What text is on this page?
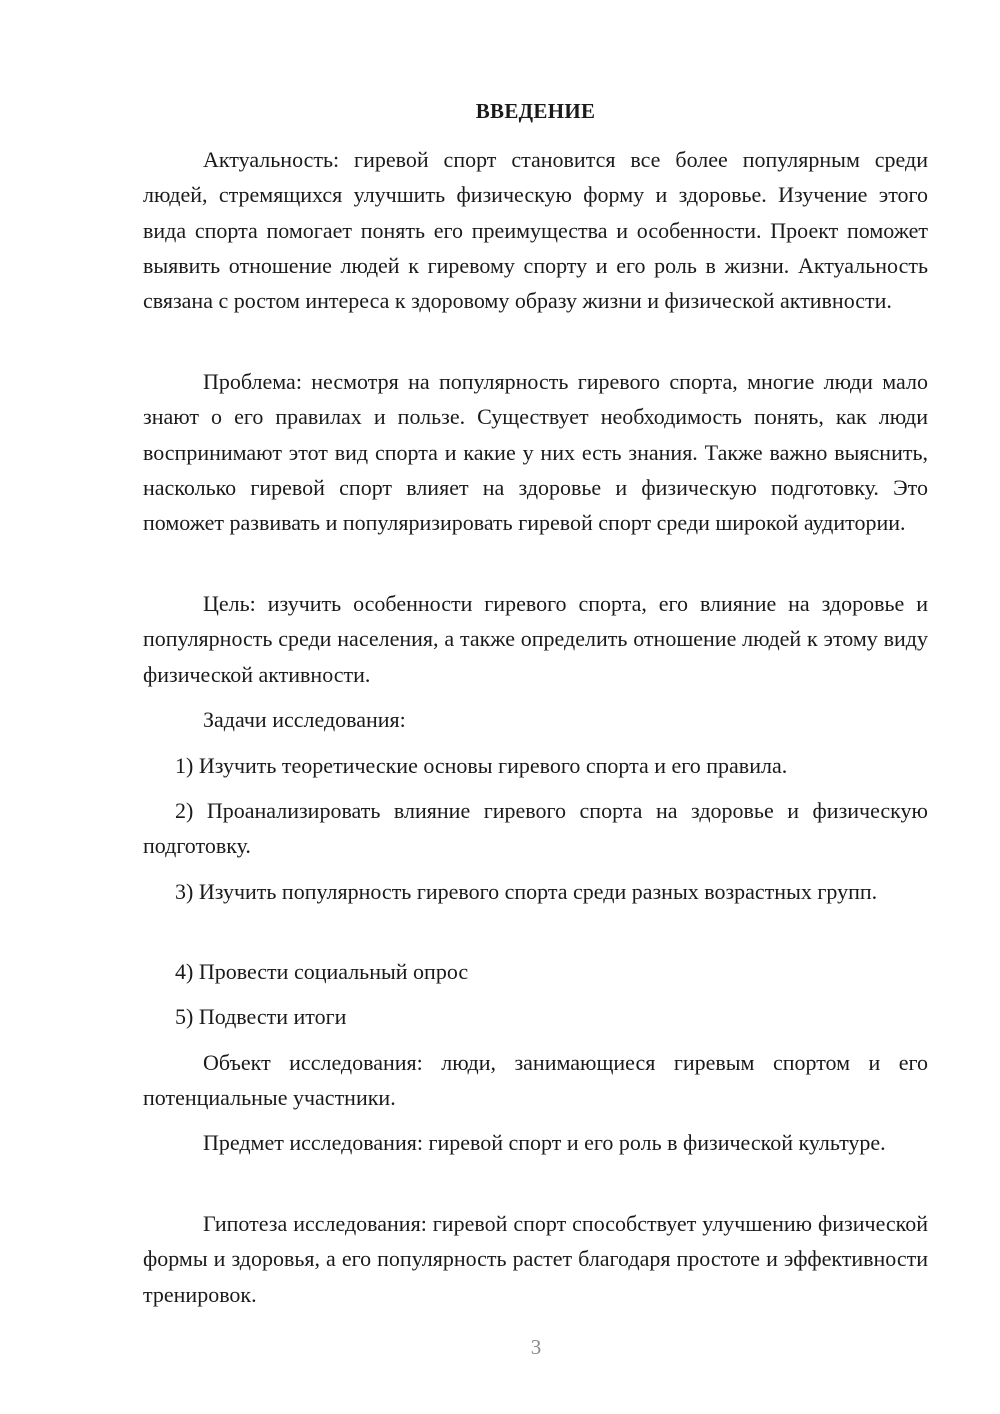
ВВЕДЕНИЕ

Актуальность: гиревой спорт становится все более популярным среди людей, стремящихся улучшить физическую форму и здоровье. Изучение этого вида спорта помогает понять его преимущества и особенности. Проект поможет выявить отношение людей к гиревому спорту и его роль в жизни. Актуальность связана с ростом интереса к здоровому образу жизни и физической активности.

Проблема: несмотря на популярность гиревого спорта, многие люди мало знают о его правилах и пользе. Существует необходимость понять, как люди воспринимают этот вид спорта и какие у них есть знания. Также важно выяснить, насколько гиревой спорт влияет на здоровье и физическую подготовку. Это поможет развивать и популяризировать гиревой спорт среди широкой аудитории.

Цель: изучить особенности гиревого спорта, его влияние на здоровье и популярность среди населения, а также определить отношение людей к этому виду физической активности.

Задачи исследования:

1) Изучить теоретические основы гиревого спорта и его правила.

2) Проанализировать влияние гиревого спорта на здоровье и физическую подготовку.

3) Изучить популярность гиревого спорта среди разных возрастных групп.

4) Провести социальный опрос

5) Подвести итоги

Объект исследования: люди, занимающиеся гиревым спортом и его потенциальные участники.

Предмет исследования: гиревой спорт и его роль в физической культуре.

Гипотеза исследования: гиревой спорт способствует улучшению физической формы и здоровья, а его популярность растет благодаря простоте и эффективности тренировок.

3
